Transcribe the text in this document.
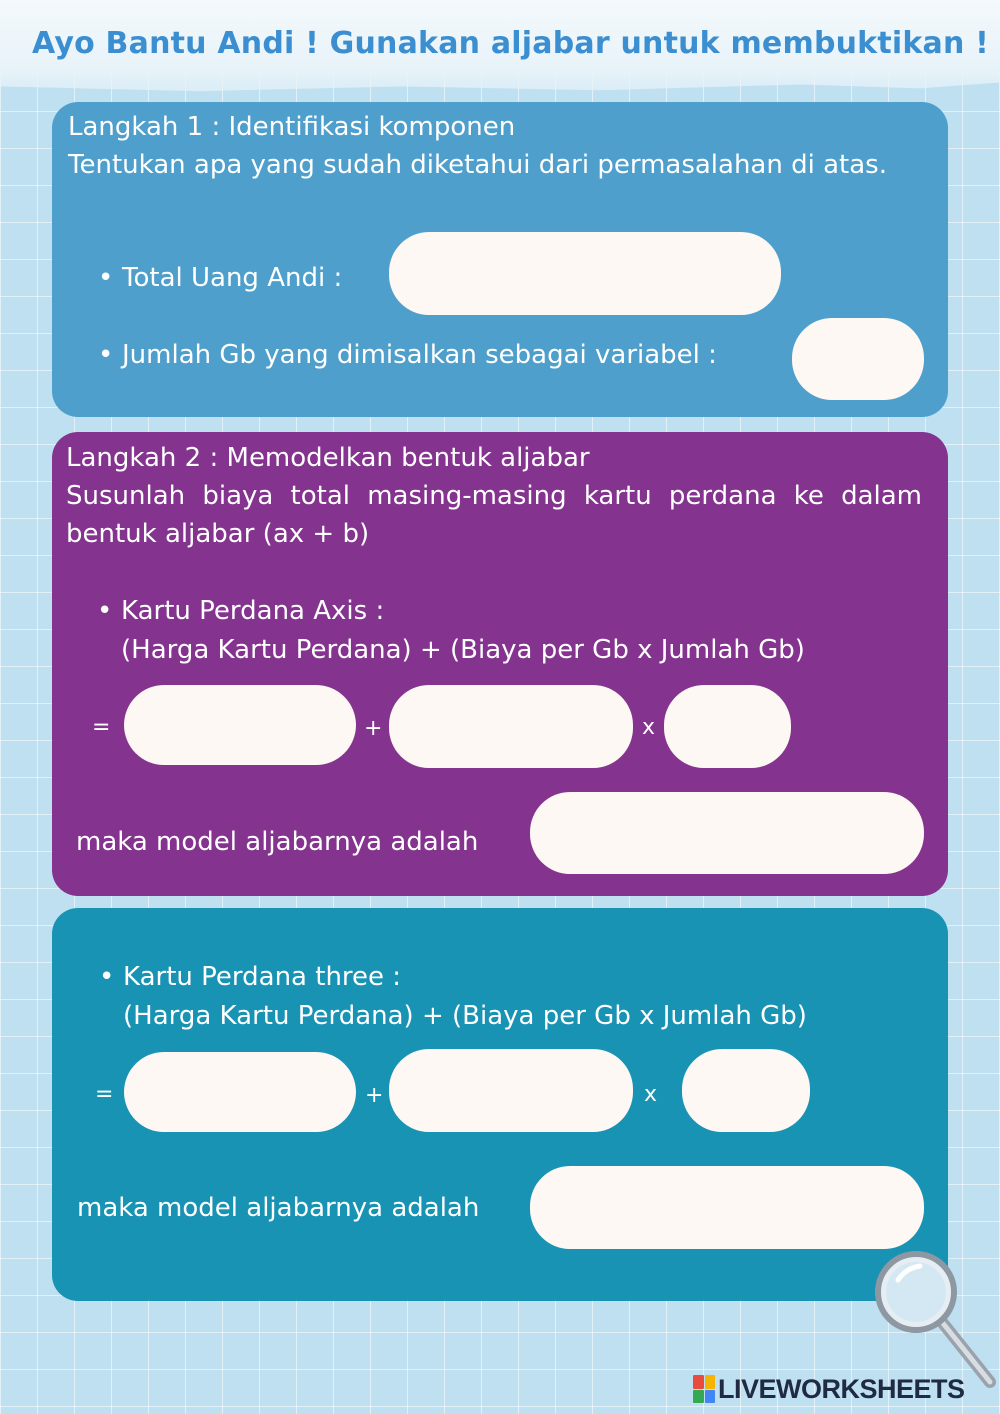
Ayo Bantu Andi ! Gunakan aljabar untuk membuktikan !
Langkah 1 : Identifikasi komponen
Tentukan apa yang sudah diketahui dari permasalahan di atas.
• Total Uang Andi :
• Jumlah Gb yang dimisalkan sebagai variabel :
Langkah 2 : Memodelkan bentuk aljabar
Susunlah biaya total masing-masing kartu perdana ke dalam bentuk aljabar (ax + b)
• Kartu Perdana Axis :
(Harga Kartu Perdana) + (Biaya per Gb x Jumlah Gb)
=	+	x
maka model aljabarnya adalah
• Kartu Perdana three :
(Harga Kartu Perdana) + (Biaya per Gb x Jumlah Gb)
=	+	x
maka model aljabarnya adalah
LIVEWORKSHEETS
